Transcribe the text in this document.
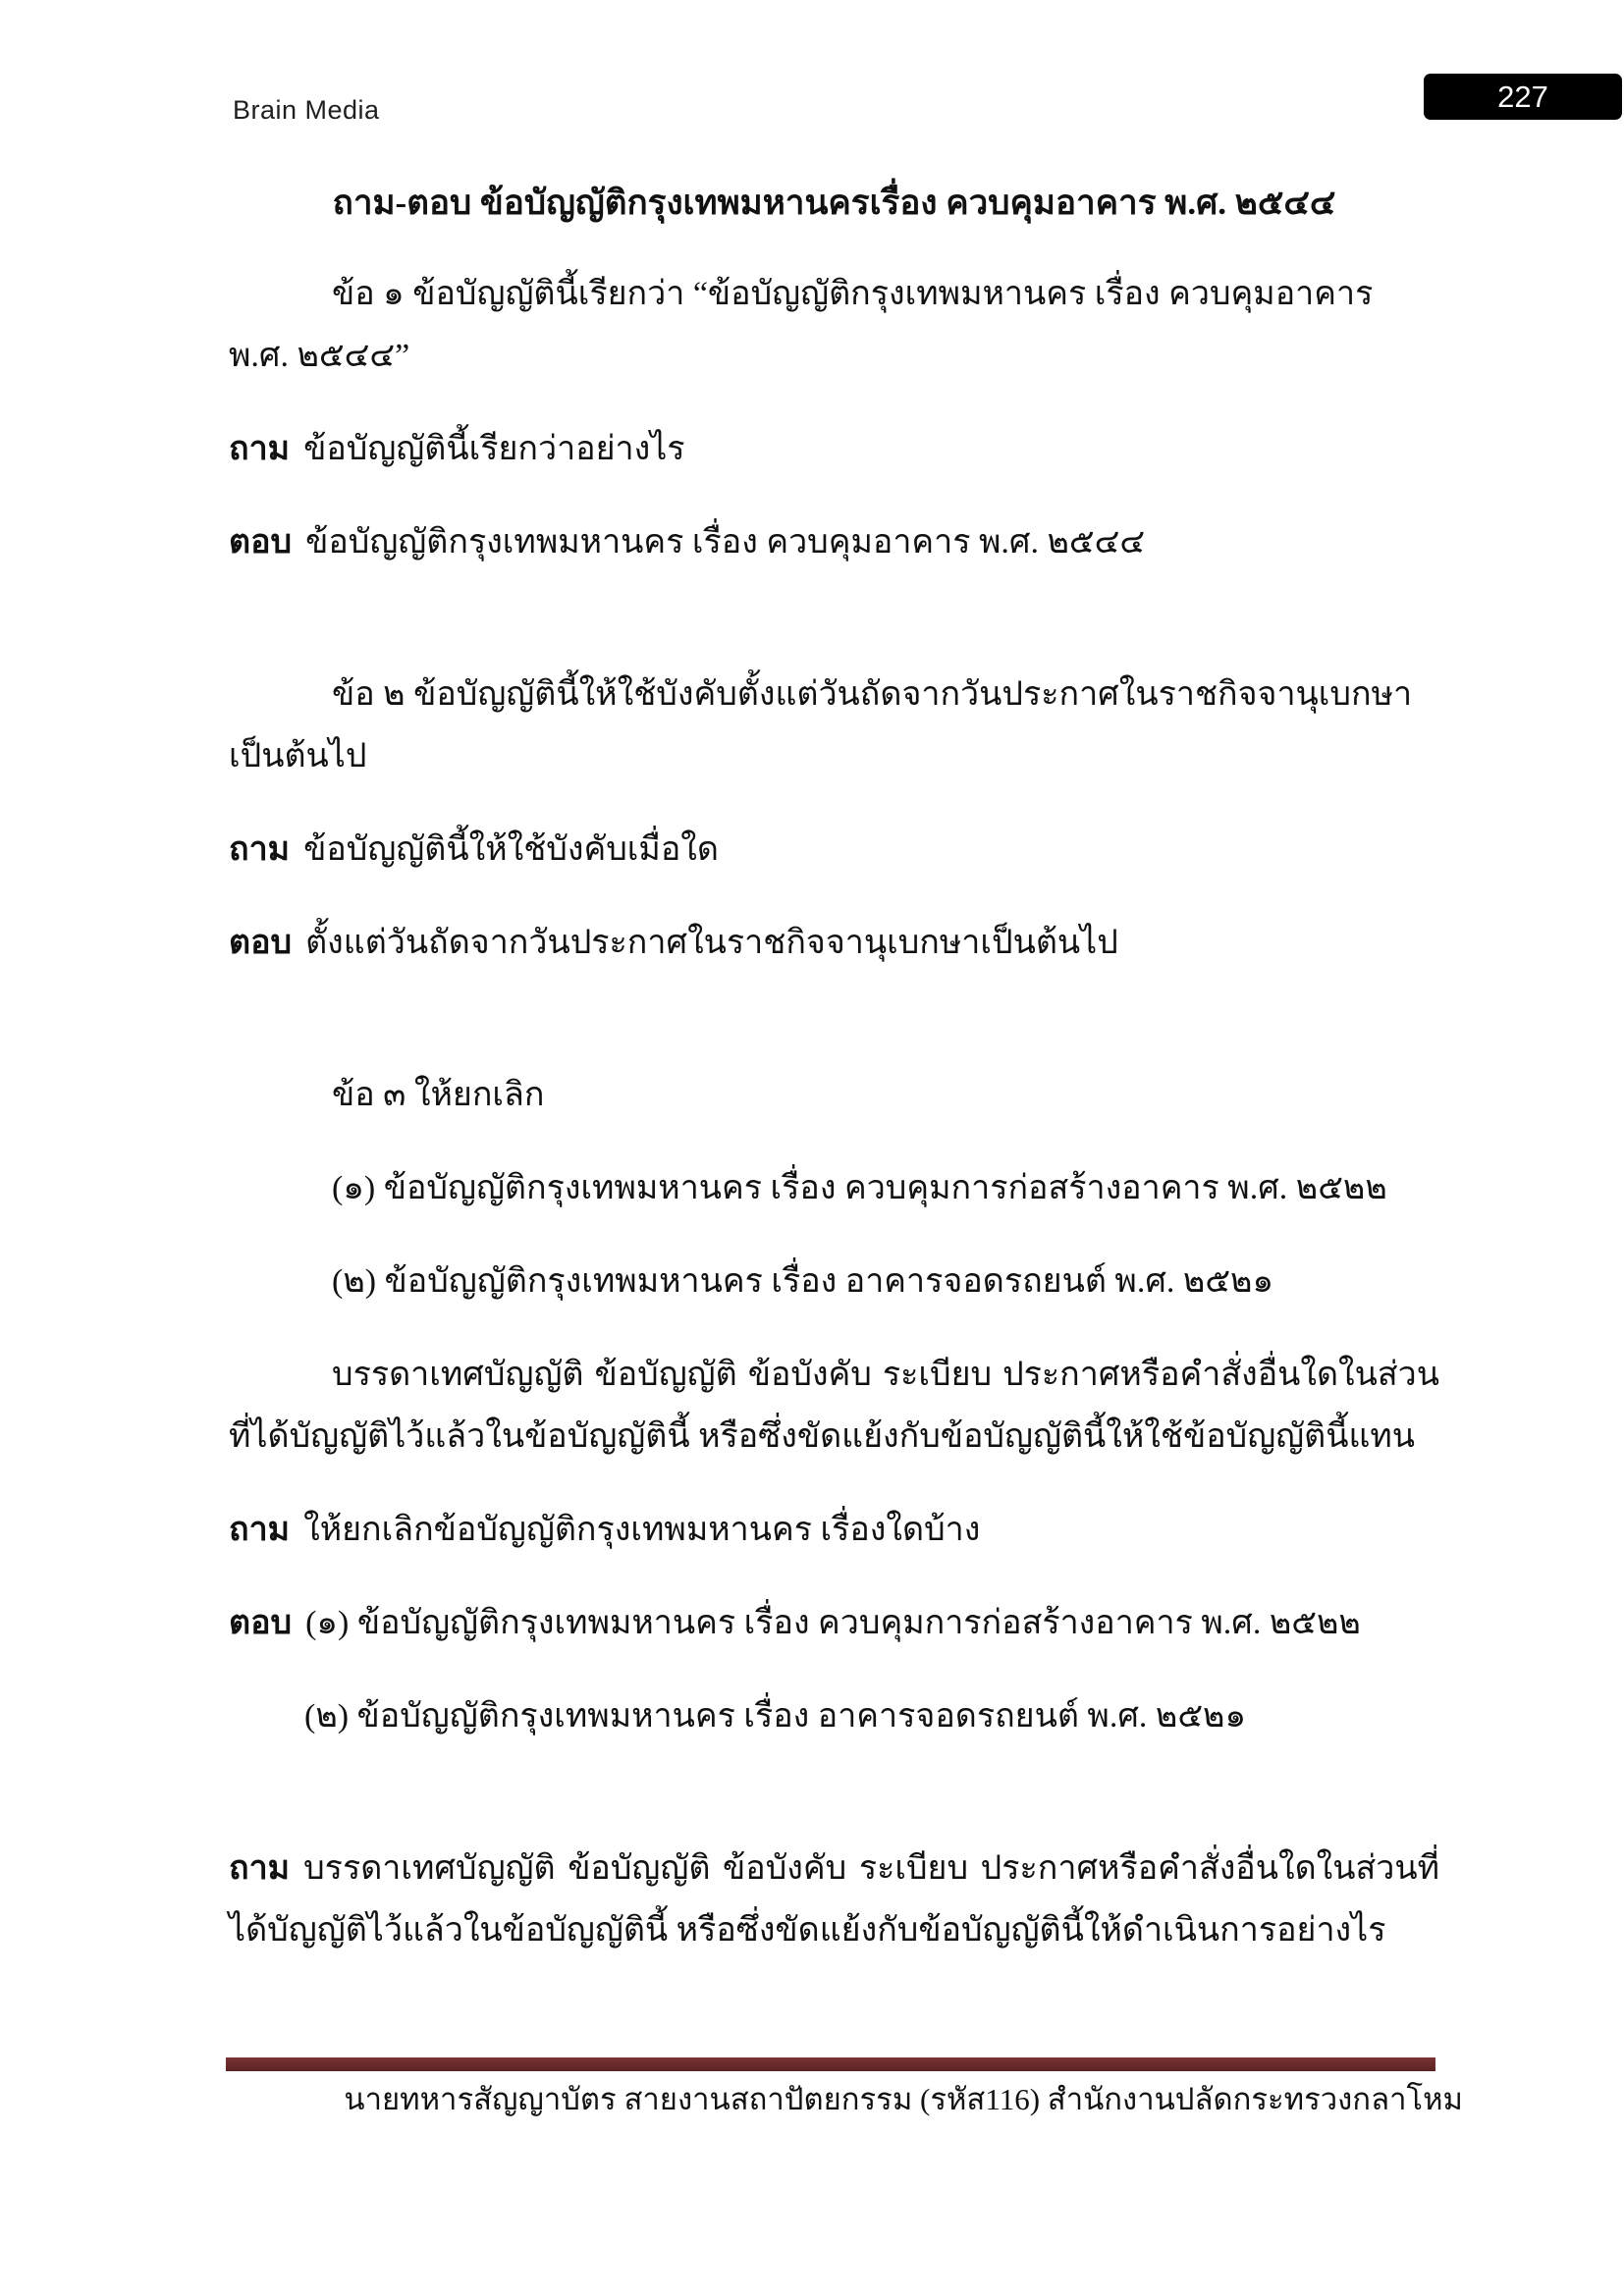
Brain Media	227
ถาม-ตอบ ข้อบัญญัติกรุงเทพมหานครเรื่อง ควบคุมอาคาร พ.ศ. ๒๕๔๔

ข้อ ๑ ข้อบัญญัตินี้เรียกว่า “ข้อบัญญัติกรุงเทพมหานคร เรื่อง ควบคุมอาคาร พ.ศ. ๒๕๔๔”

ถาม ข้อบัญญัตินี้เรียกว่าอย่างไร

ตอบ ข้อบัญญัติกรุงเทพมหานคร เรื่อง ควบคุมอาคาร พ.ศ. ๒๕๔๔

ข้อ ๒ ข้อบัญญัตินี้ให้ใช้บังคับตั้งแต่วันถัดจากวันประกาศในราชกิจจานุเบกษาเป็นต้นไป

ถาม ข้อบัญญัตินี้ให้ใช้บังคับเมื่อใด

ตอบ ตั้งแต่วันถัดจากวันประกาศในราชกิจจานุเบกษาเป็นต้นไป

ข้อ ๓ ให้ยกเลิก

(๑) ข้อบัญญัติกรุงเทพมหานคร เรื่อง ควบคุมการก่อสร้างอาคาร พ.ศ. ๒๕๒๒

(๒) ข้อบัญญัติกรุงเทพมหานคร เรื่อง อาคารจอดรถยนต์ พ.ศ. ๒๕๒๑

บรรดาเทศบัญญัติ ข้อบัญญัติ ข้อบังคับ ระเบียบ ประกาศหรือคำสั่งอื่นใดในส่วนที่ได้บัญญัติไว้แล้วในข้อบัญญัตินี้ หรือซึ่งขัดแย้งกับข้อบัญญัตินี้ให้ใช้ข้อบัญญัตินี้แทน

ถาม ให้ยกเลิกข้อบัญญัติกรุงเทพมหานคร เรื่องใดบ้าง

ตอบ (๑) ข้อบัญญัติกรุงเทพมหานคร เรื่อง ควบคุมการก่อสร้างอาคาร พ.ศ. ๒๕๒๒

(๒) ข้อบัญญัติกรุงเทพมหานคร เรื่อง อาคารจอดรถยนต์ พ.ศ. ๒๕๒๑

ถาม บรรดาเทศบัญญัติ ข้อบัญญัติ ข้อบังคับ ระเบียบ ประกาศหรือคำสั่งอื่นใดในส่วนที่ได้บัญญัติไว้แล้วในข้อบัญญัตินี้ หรือซึ่งขัดแย้งกับข้อบัญญัตินี้ให้ดำเนินการอย่างไร

นายทหารสัญญาบัตร สายงานสถาปัตยกรรม (รหัส116) สำนักงานปลัดกระทรวงกลาโหม
